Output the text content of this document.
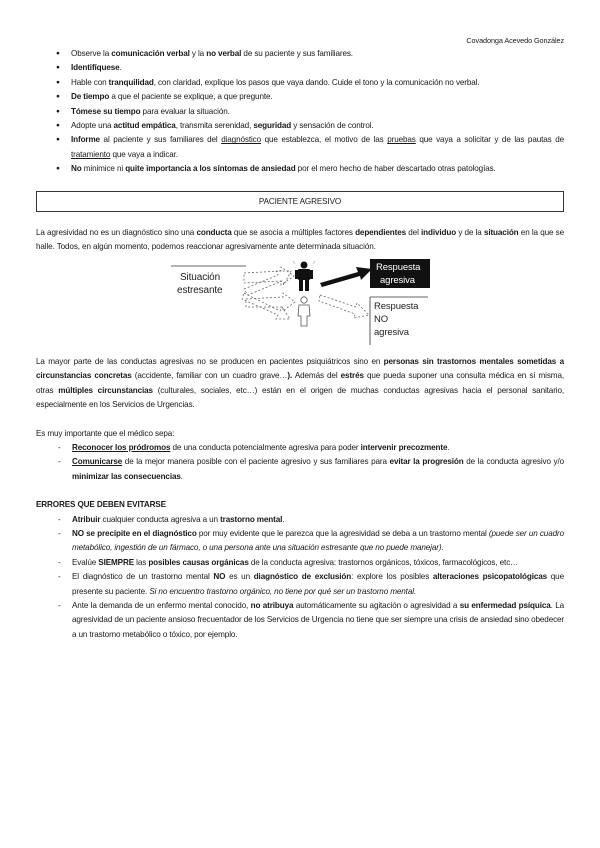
Covadonga Acevedo González
● Observe la comunicación verbal y la no verbal de su paciente y sus familiares.
● Identifíquese.
● Hable con tranquilidad, con claridad, explique los pasos que vaya dando. Cuide el tono y la comunicación no verbal.
● De tiempo a que el paciente se explique, a que pregunte.
● Tómese su tiempo para evaluar la situación.
● Adopte una actitud empática, transmita serenidad, seguridad y sensación de control.
● Informe al paciente y sus familiares del diagnóstico que establezca, el motivo de las pruebas que vaya a solicitar y de las pautas de tratamiento que vaya a indicar.
● No minimice ni quite importancia a los síntomas de ansiedad por el mero hecho de haber descartado otras patologías.
PACIENTE AGRESIVO

La agresividad no es un diagnóstico sino una conducta que se asocia a múltiples factores dependientes del individuo y de la situación en la que se halle. Todos, en algún momento, podemos reaccionar agresivamente ante determinada situación.

Situación
estresante
Respuesta
agresiva
Respuesta
NO
agresiva

La mayor parte de las conductas agresivas no se producen en pacientes psiquiátricos sino en personas sin trastornos mentales sometidas a circunstancias concretas (accidente, familiar con un cuadro grave…). Además del estrés que pueda suponer una consulta médica en sí misma, otras múltiples circunstancias (culturales, sociales, etc…) están en el origen de muchas conductas agresivas hacia el personal sanitario, especialmente en los Servicios de Urgencias.

Es muy importante que el médico sepa:

- Reconocer los pródromos de una conducta potencialmente agresiva para poder intervenir precozmente.
- Comunicarse de la mejor manera posible con el paciente agresivo y sus familiares para evitar la progresión de la conducta agresivo y/o minimizar las consecuencias.

ERRORES QUE DEBEN EVITARSE

- Atribuir cualquier conducta agresiva a un trastorno mental.
- NO se precipite en el diagnóstico por muy evidente que le parezca que la agresividad se deba a un trastorno mental (puede ser un cuadro metabólico, ingestión de un fármaco, o una persona ante una situación estresante que no puede manejar).
- Evalúe SIEMPRE las posibles causas orgánicas de la conducta agresiva: trastornos orgánicos, tóxicos, farmacológicos, etc…
- El diagnóstico de un trastorno mental NO es un diagnóstico de exclusión: explore los posibles alteraciones psicopatológicas que presente su paciente. Si no encuentro trastorno orgánico, no tiene por qué ser un trastorno mental.
- Ante la demanda de un enfermo mental conocido, no atribuya automáticamente su agitación o agresividad a su enfermedad psíquica. La agresividad de un paciente ansioso frecuentador de los Servicios de Urgencia no tiene que ser siempre una crisis de ansiedad sino obedecer a un trastorno metabólico o tóxico, por ejemplo.
